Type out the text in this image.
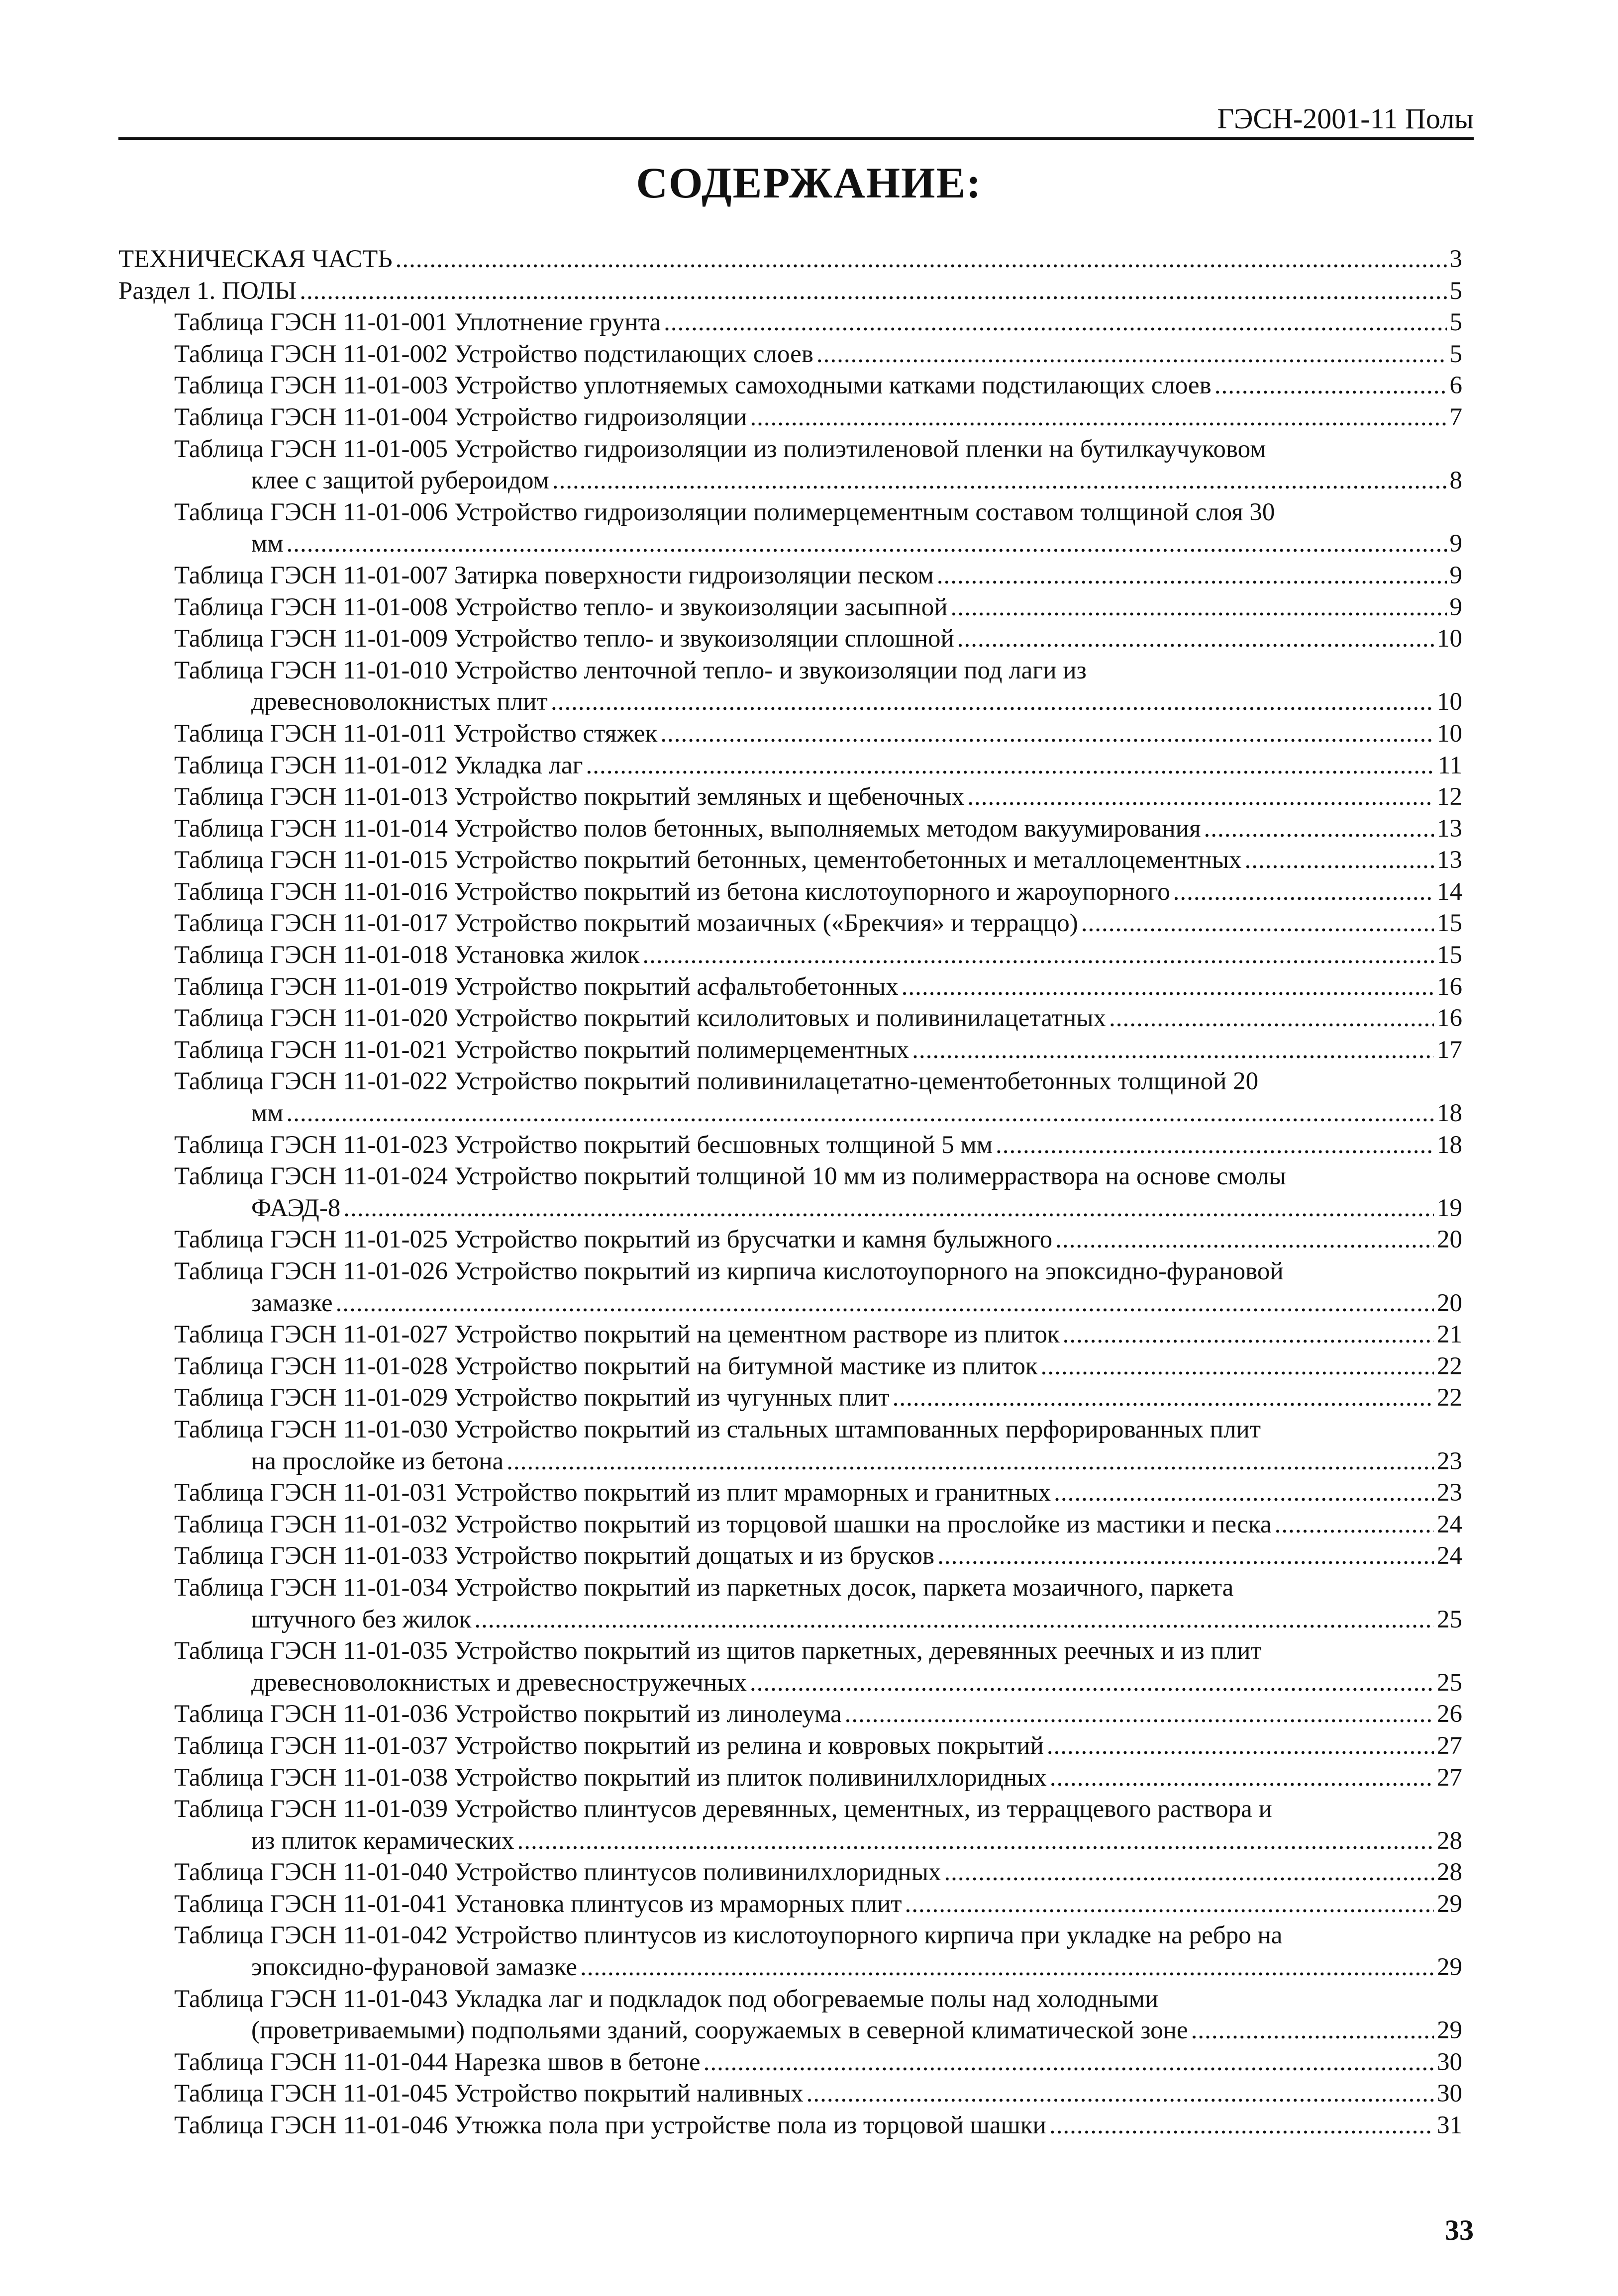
ГЭСН-2001-11 Полы
СОДЕРЖАНИЕ:
ТЕХНИЧЕСКАЯ ЧАСТЬ .....	3
Раздел 1. ПОЛЫ .....	5
Таблица ГЭСН 11-01-001 Уплотнение грунта .....	5
Таблица ГЭСН 11-01-002 Устройство подстилающих слоев .....	5
Таблица ГЭСН 11-01-003 Устройство уплотняемых самоходными катками подстилающих слоев .....	6
Таблица ГЭСН 11-01-004 Устройство гидроизоляции .....	7
Таблица ГЭСН 11-01-005 Устройство гидроизоляции из полиэтиленовой пленки на бутилкаучуковом
клее с защитой рубероидом .....	8
Таблица ГЭСН 11-01-006 Устройство гидроизоляции полимерцементным составом толщиной слоя 30
мм .....	9
Таблица ГЭСН 11-01-007 Затирка поверхности гидроизоляции песком .....	9
Таблица ГЭСН 11-01-008 Устройство тепло- и звукоизоляции засыпной .....	9
Таблица ГЭСН 11-01-009 Устройство тепло- и звукоизоляции сплошной .....	10
Таблица ГЭСН 11-01-010 Устройство ленточной тепло- и звукоизоляции под лаги из
древесноволокнистых плит .....	10
Таблица ГЭСН 11-01-011 Устройство стяжек .....	10
Таблица ГЭСН 11-01-012 Укладка лаг .....	11
Таблица ГЭСН 11-01-013 Устройство покрытий земляных и щебеночных .....	12
Таблица ГЭСН 11-01-014 Устройство полов бетонных, выполняемых методом вакуумирования .....	13
Таблица ГЭСН 11-01-015 Устройство покрытий бетонных, цементобетонных и металлоцементных .....	13
Таблица ГЭСН 11-01-016 Устройство покрытий из бетона кислотоупорного и жароупорного .....	14
Таблица ГЭСН 11-01-017 Устройство покрытий мозаичных («Брекчия» и терраццо) .....	15
Таблица ГЭСН 11-01-018 Установка жилок .....	15
Таблица ГЭСН 11-01-019 Устройство покрытий асфальтобетонных .....	16
Таблица ГЭСН 11-01-020 Устройство покрытий ксилолитовых и поливинилацетатных .....	16
Таблица ГЭСН 11-01-021 Устройство покрытий полимерцементных .....	17
Таблица ГЭСН 11-01-022 Устройство покрытий поливинилацетатно-цементобетонных толщиной 20
мм .....	18
Таблица ГЭСН 11-01-023 Устройство покрытий бесшовных толщиной 5 мм .....	18
Таблица ГЭСН 11-01-024 Устройство покрытий толщиной 10 мм из полимерраствора на основе смолы
ФАЭД-8 .....	19
Таблица ГЭСН 11-01-025 Устройство покрытий из брусчатки и камня булыжного .....	20
Таблица ГЭСН 11-01-026 Устройство покрытий из кирпича кислотоупорного на эпоксидно-фурановой
замазке .....	20
Таблица ГЭСН 11-01-027 Устройство покрытий на цементном растворе из плиток .....	21
Таблица ГЭСН 11-01-028 Устройство покрытий на битумной мастике из плиток .....	22
Таблица ГЭСН 11-01-029 Устройство покрытий из чугунных плит .....	22
Таблица ГЭСН 11-01-030 Устройство покрытий из стальных штампованных перфорированных плит
на прослойке из бетона .....	23
Таблица ГЭСН 11-01-031 Устройство покрытий из плит мраморных и гранитных .....	23
Таблица ГЭСН 11-01-032 Устройство покрытий из торцовой шашки на прослойке из мастики и песка .....	24
Таблица ГЭСН 11-01-033 Устройство покрытий дощатых и из брусков .....	24
Таблица ГЭСН 11-01-034 Устройство покрытий из паркетных досок, паркета мозаичного, паркета
штучного без жилок .....	25
Таблица ГЭСН 11-01-035 Устройство покрытий из щитов паркетных, деревянных реечных и из плит
древесноволокнистых и древесностружечных .....	25
Таблица ГЭСН 11-01-036 Устройство покрытий из линолеума .....	26
Таблица ГЭСН 11-01-037 Устройство покрытий из релина и ковровых покрытий .....	27
Таблица ГЭСН 11-01-038 Устройство покрытий из плиток поливинилхлоридных .....	27
Таблица ГЭСН 11-01-039 Устройство плинтусов деревянных, цементных, из терраццевого раствора и
из плиток керамических .....	28
Таблица ГЭСН 11-01-040 Устройство плинтусов поливинилхлоридных .....	28
Таблица ГЭСН 11-01-041 Установка плинтусов из мраморных плит .....	29
Таблица ГЭСН 11-01-042 Устройство плинтусов из кислотоупорного кирпича при укладке на ребро на
эпоксидно-фурановой замазке .....	29
Таблица ГЭСН 11-01-043 Укладка лаг и подкладок под обогреваемые полы над холодными
(проветриваемыми) подпольями зданий, сооружаемых в северной климатической зоне .....	29
Таблица ГЭСН 11-01-044 Нарезка швов в бетоне .....	30
Таблица ГЭСН 11-01-045 Устройство покрытий наливных .....	30
Таблица ГЭСН 11-01-046 Утюжка пола при устройстве пола из торцовой шашки .....	31
33
